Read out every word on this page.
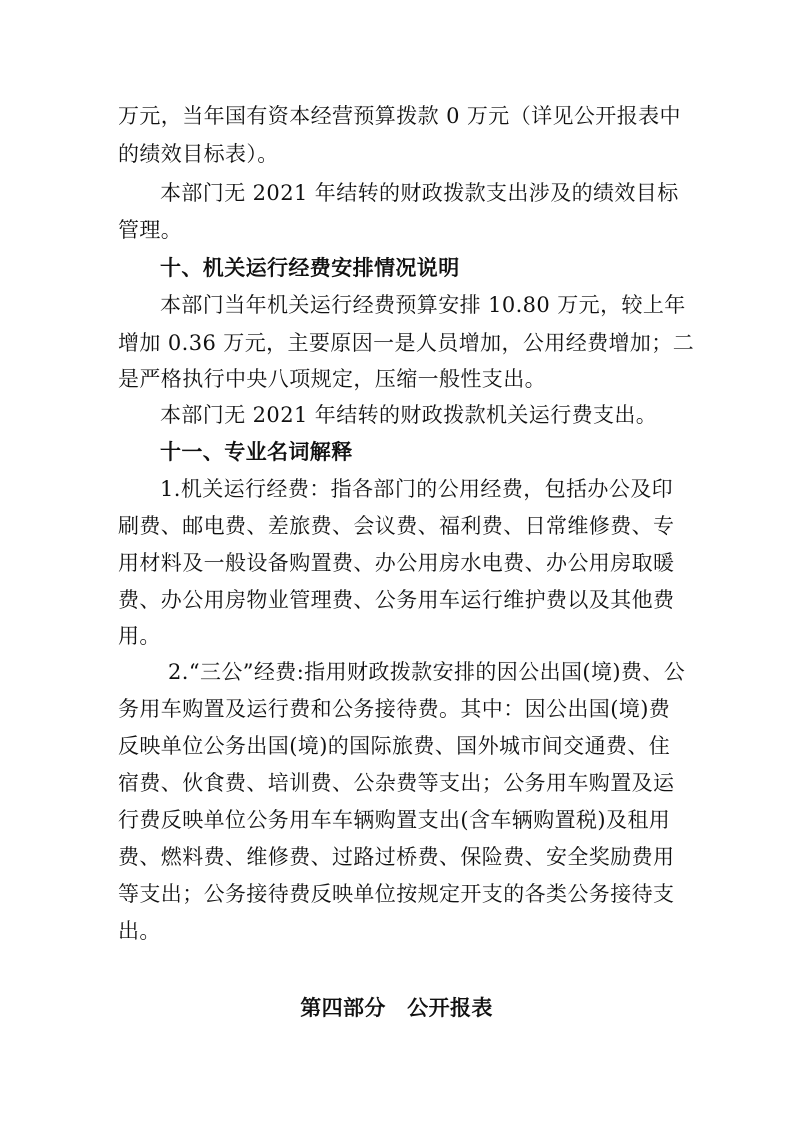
万元，当年国有资本经营预算拨款 0 万元（详见公开报表中
的绩效目标表）。
本部门无 2021 年结转的财政拨款支出涉及的绩效目标
管理。
十、机关运行经费安排情况说明
本部门当年机关运行经费预算安排 10.80 万元，较上年
增加 0.36 万元，主要原因一是人员增加，公用经费增加；二
是严格执行中央八项规定，压缩一般性支出。
本部门无 2021 年结转的财政拨款机关运行费支出。
十一、专业名词解释
1.机关运行经费：指各部门的公用经费，包括办公及印
刷费、邮电费、差旅费、会议费、福利费、日常维修费、专
用材料及一般设备购置费、办公用房水电费、办公用房取暖
费、办公用房物业管理费、公务用车运行维护费以及其他费
用。
2.“三公”经费:指用财政拨款安排的因公出国(境)费、公
务用车购置及运行费和公务接待费。其中：因公出国(境)费
反映单位公务出国(境)的国际旅费、国外城市间交通费、住
宿费、伙食费、培训费、公杂费等支出；公务用车购置及运
行费反映单位公务用车车辆购置支出(含车辆购置税)及租用
费、燃料费、维修费、过路过桥费、保险费、安全奖励费用
等支出；公务接待费反映单位按规定开支的各类公务接待支
出。
第四部分　公开报表
